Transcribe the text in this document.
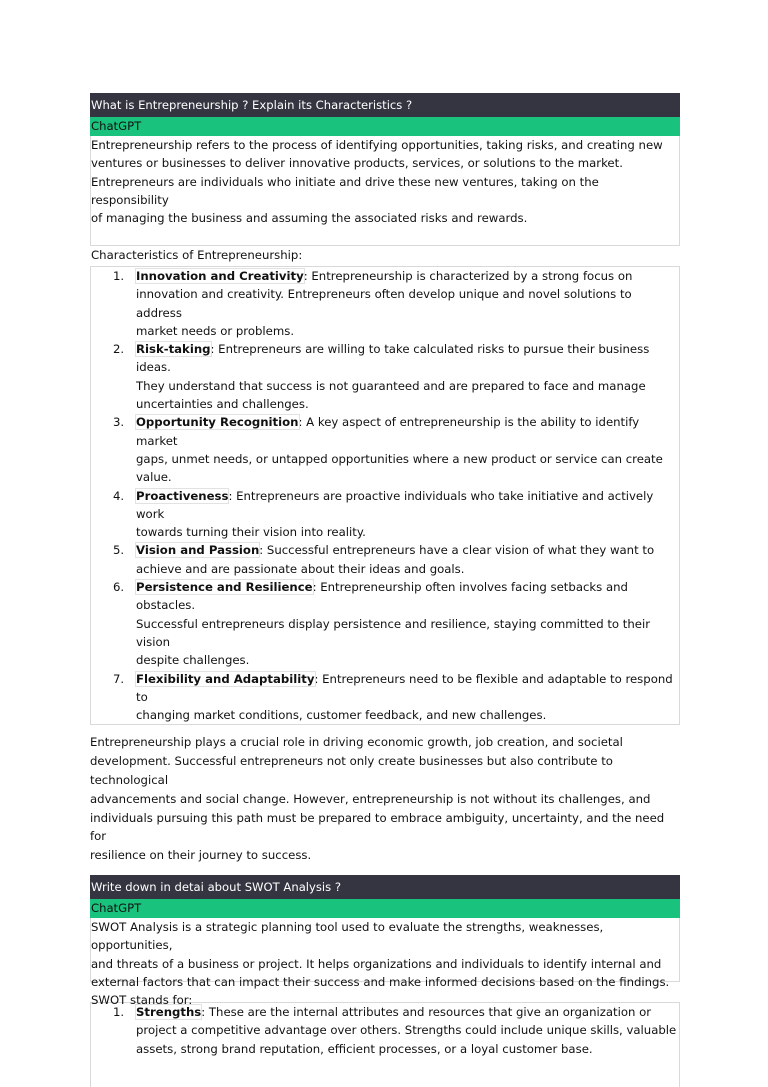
What is Entrepreneurship ? Explain its Characteristics ?
ChatGPT

Entrepreneurship refers to the process of identifying opportunities, taking risks, and creating new

ventures or businesses to deliver innovative products, services, or solutions to the market.

Entrepreneurs are individuals who initiate and drive these new ventures, taking on the responsibility

of managing the business and assuming the associated risks and rewards.

Characteristics of Entrepreneurship:

1. Innovation and Creativity: Entrepreneurship is characterized by a strong focus on
innovation and creativity. Entrepreneurs often develop unique and novel solutions to address
market needs or problems.
2. Risk-taking: Entrepreneurs are willing to take calculated risks to pursue their business ideas.
They understand that success is not guaranteed and are prepared to face and manage
uncertainties and challenges.
3. Opportunity Recognition: A key aspect of entrepreneurship is the ability to identify market
gaps, unmet needs, or untapped opportunities where a new product or service can create
value.
4. Proactiveness: Entrepreneurs are proactive individuals who take initiative and actively work
towards turning their vision into reality.
5. Vision and Passion: Successful entrepreneurs have a clear vision of what they want to
achieve and are passionate about their ideas and goals.
6. Persistence and Resilience: Entrepreneurship often involves facing setbacks and obstacles.
Successful entrepreneurs display persistence and resilience, staying committed to their vision
despite challenges.
7. Flexibility and Adaptability: Entrepreneurs need to be flexible and adaptable to respond to
changing market conditions, customer feedback, and new challenges.
Entrepreneurship plays a crucial role in driving economic growth, job creation, and societal
development. Successful entrepreneurs not only create businesses but also contribute to technological
advancements and social change. However, entrepreneurship is not without its challenges, and
individuals pursuing this path must be prepared to embrace ambiguity, uncertainty, and the need for
resilience on their journey to success.
Write down in detai about SWOT Analysis ?
ChatGPT

SWOT Analysis is a strategic planning tool used to evaluate the strengths, weaknesses, opportunities,

and threats of a business or project. It helps organizations and individuals to identify internal and

external factors that can impact their success and make informed decisions based on the findings.

SWOT stands for:

1. Strengths: These are the internal attributes and resources that give an organization or
project a competitive advantage over others. Strengths could include unique skills, valuable
assets, strong brand reputation, efficient processes, or a loyal customer base.
